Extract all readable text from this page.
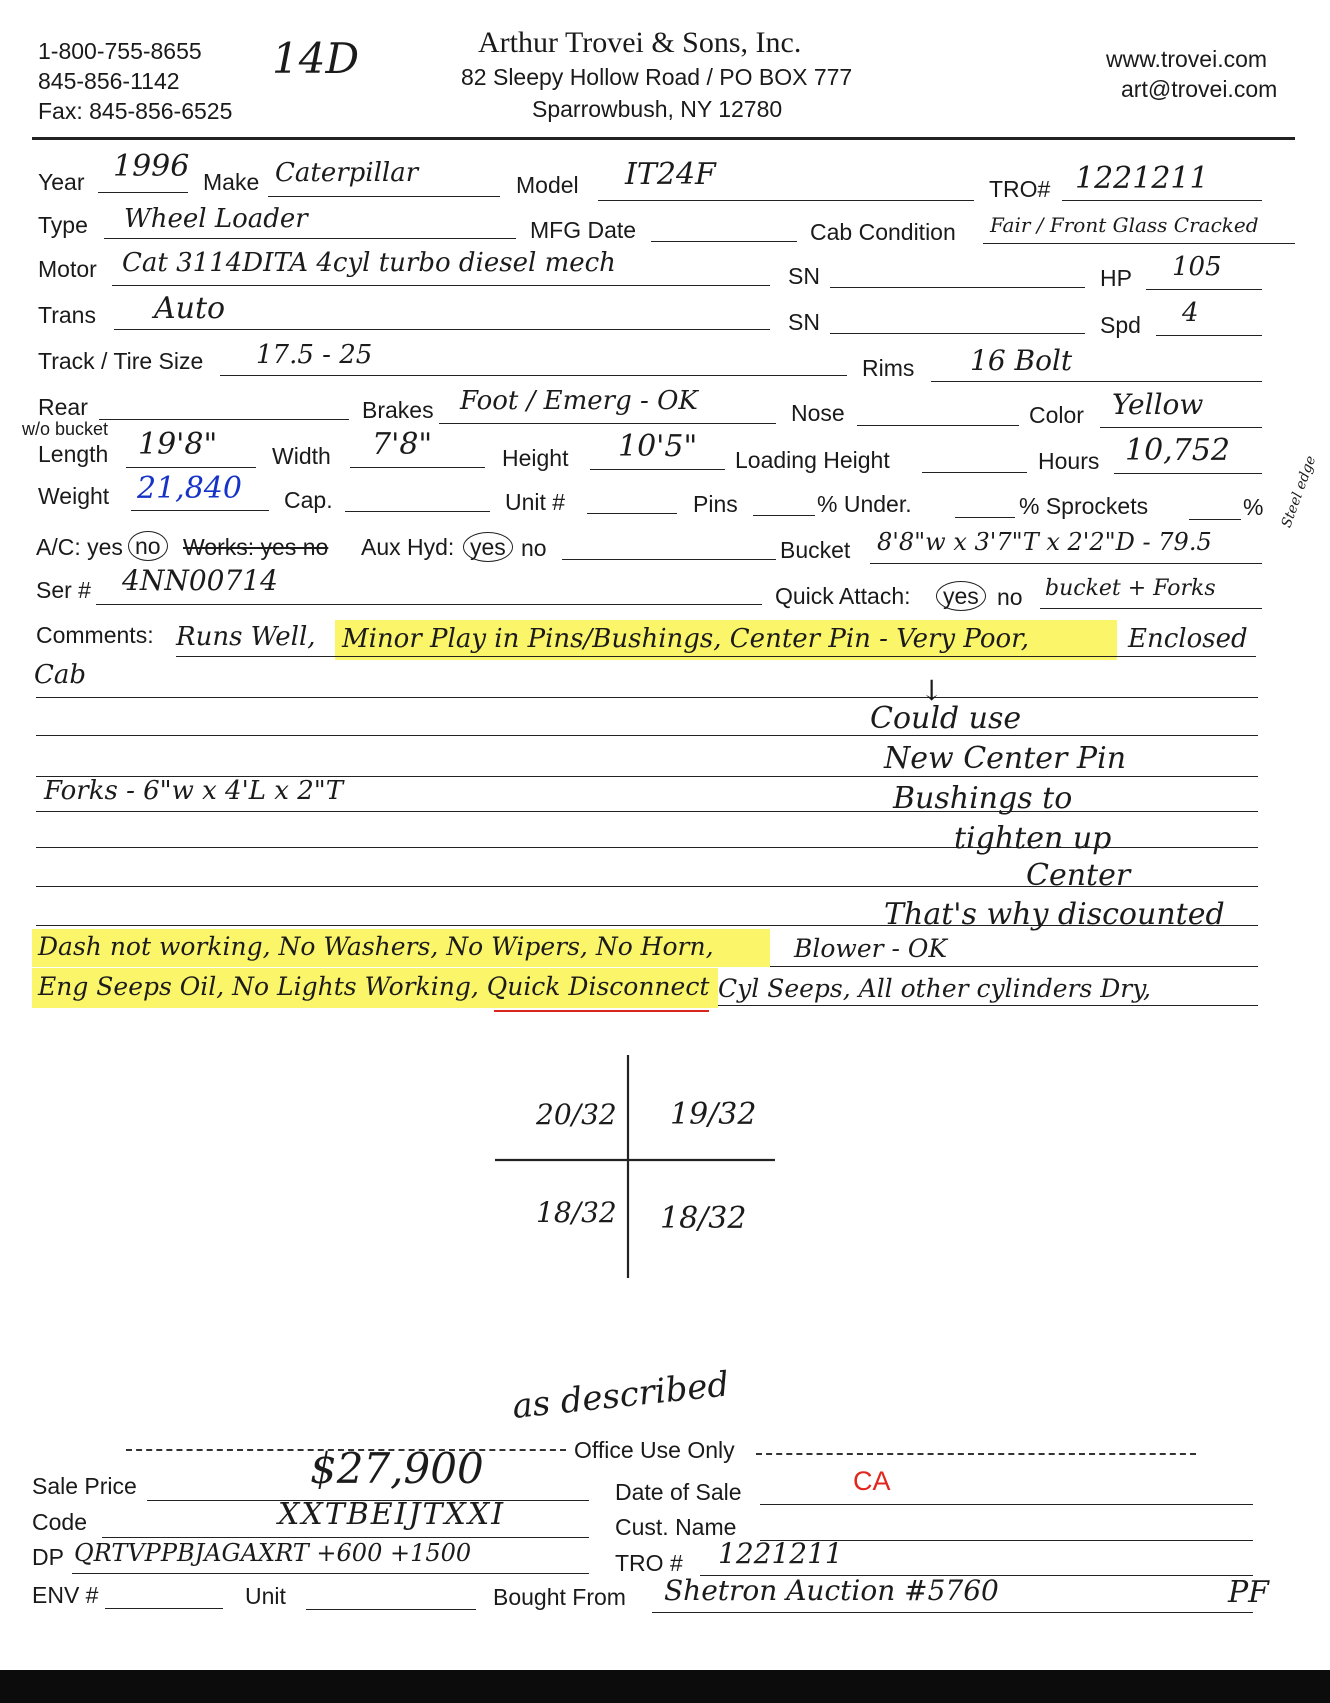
1-800-755-8655
845-856-1142
Fax: 845-856-6525
14D	Arthur Trovei & Sons, Inc.
82 Sleepy Hollow Road / PO BOX 777
Sparrowbush, NY 12780
www.trovei.com
art@trovei.com
Year 1996 Make Caterpillar	Model IT24F	TRO# 1221211
Type Wheel Loader	MFG Date	Cab Condition Fair / Front Glass Cracked
Motor Cat 3114DITA 4cyl turbo diesel mech	SN	HP 105
Trans Auto	SN	Spd 4
Track / Tire Size 17.5 - 25	Rims 16 Bolt
Rear	Brakes Foot / Emerg - OK	Nose	Color Yellow
w/o bucket
Length 19'8" Width 7'8"	Height 10'5" Loading Height	Hours 10,752
Weight 21,840 Cap.	Unit #	Pins	% Under.	% Sprockets	%
A/C: yes no Works: yes no Aux Hyd: yes no	Bucket 8'8"w x 3'7"T x 2'2"D - 79.5
Steel edge
Ser # 4NN00714	Quick Attach:	yes no bucket + Forks
Comments: Runs Well, Minor Play in Pins/Bushings, Center Pin - Very Poor,	Enclosed
Cab
Forks - 6"w x 4'L x 2"T
↓
Could use
New Center Pin
Bushings to
tighten up
Center
That's why discounted
Dash not working, No Washers, No Wipers, No Horn,	Blower - OK
Eng Seeps Oil, No Lights Working, Quick Disconnect Cyl Seeps, All other cylinders Dry,
20/32 19/32
18/32 18/32
as described
Office Use Only
Sale Price	$27,900	Date of Sale	CA
Code	XXTBEIJTXXI	Cust. Name
DP QRTVPPBJAGAXRT +600 +1500	TRO # 1221211
ENV #	Unit	Bought From Shetron Auction #5760	PF
